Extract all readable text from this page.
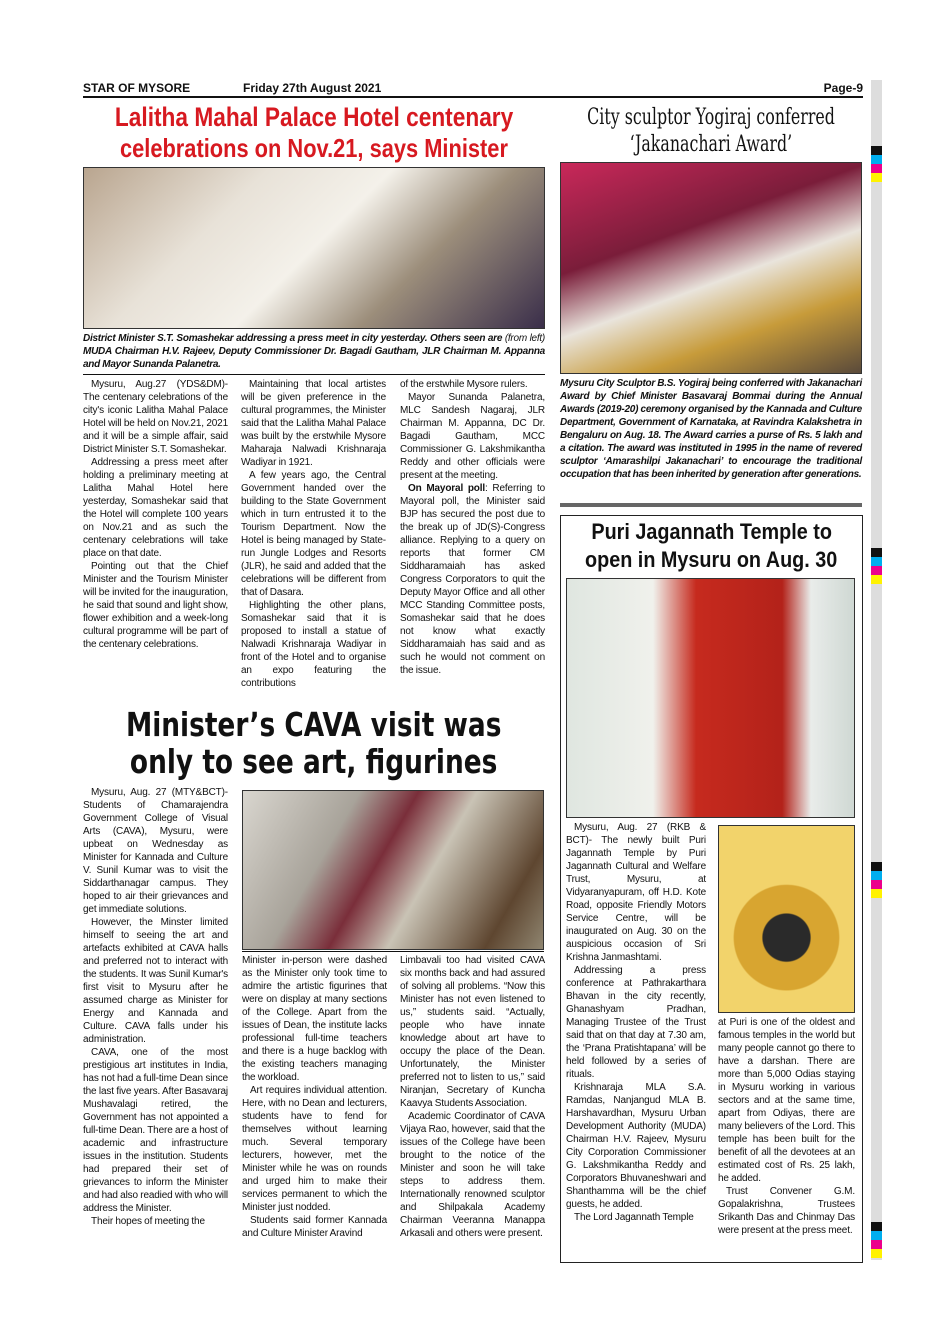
STAR OF MYSORE	Friday 27th August 2021	Page-9
Lalitha Mahal Palace Hotel centenary
celebrations on Nov.21, says Minister
District Minister S.T. Somashekar addressing a press meet in city yesterday. Others seen are (from left) MUDA Chairman H.V. Rajeev, Deputy Commissioner Dr. Bagadi Gautham, JLR Chairman M. Appanna and Mayor Sunanda Palanetra.

Mysuru, Aug.27 (YDS&DM)- The centenary celebrations of the city's iconic Lalitha Mahal Palace Hotel will be held on Nov.21, 2021 and it will be a simple affair, said District Minister S.T. Somashekar.

Addressing a press meet after holding a preliminary meeting at Lalitha Mahal Hotel here yesterday, Somashekar said that the Hotel will complete 100 years on Nov.21 and as such the centenary celebrations will take place on that date.

Pointing out that the Chief Minister and the Tourism Minister will be invited for the inauguration, he said that sound and light show, flower exhibition and a week-long cultural programme will be part of the centenary celebrations.

Maintaining that local artistes will be given preference in the cultural programmes, the Minister said that the Lalitha Mahal Palace was built by the erstwhile Mysore Maharaja Nalwadi Krishnaraja Wadiyar in 1921.

A few years ago, the Central Government handed over the building to the State Government which in turn entrusted it to the Tourism Department. Now the Hotel is being managed by State-run Jungle Lodges and Resorts (JLR), he said and added that the celebrations will be different from that of Dasara.

Highlighting the other plans, Somashekar said that it is proposed to install a statue of Nalwadi Krishnaraja Wadiyar in front of the Hotel and to organise an expo featuring the contributions

of the erstwhile Mysore rulers.

Mayor Sunanda Palanetra, MLC Sandesh Nagaraj, JLR Chairman M. Appanna, DC Dr. Bagadi Gautham, MCC Commissioner G. Lakshmikantha Reddy and other officials were present at the meeting.

On Mayoral poll: Referring to Mayoral poll, the Minister said BJP has secured the post due to the break up of JD(S)-Congress alliance. Replying to a query on reports that former CM Siddharamaiah has asked Congress Corporators to quit the Deputy Mayor Office and all other MCC Standing Committee posts, Somashekar said that he does not know what exactly Siddharamaiah has said and as such he would not comment on the issue.

City sculptor Yogiraj conferred
‘Jakanachari Award’
Mysuru City Sculptor B.S. Yogiraj being conferred with Jakanachari Award by Chief Minister Basavaraj Bommai during the Annual Awards (2019-20) ceremony organised by the Kannada and Culture Department, Government of Karnataka, at Ravindra Kalakshetra in Bengaluru on Aug. 18. The Award carries a purse of Rs. 5 lakh and a citation. The award was instituted in 1995 in the name of revered sculptor ‘Amarashilpi Jakanachari’ to encourage the traditional occupation that has been inherited by generation after generations.
Puri Jagannath Temple to
open in Mysuru on Aug. 30

Mysuru, Aug. 27 (RKB & BCT)- The newly built Puri Jagannath Temple by Puri Jagannath Cultural and Welfare Trust, Mysuru, at Vidyaranyapuram, off H.D. Kote Road, opposite Friendly Motors Service Centre, will be inaugurated on Aug. 30 on the auspicious occasion of Sri Krishna Janmashtami.

Addressing a press conference at Pathrakarthara Bhavan in the city recently, Ghanashyam Pradhan, Managing Trustee of the Trust said that on that day at 7.30 am, the ‘Prana Pratishtapana’ will be held followed by a series of rituals.

Krishnaraja MLA S.A. Ramdas, Nanjangud MLA B. Harshavardhan, Mysuru Urban Development Authority (MUDA) Chairman H.V. Rajeev, Mysuru City Corporation Commissioner G. Lakshmikantha Reddy and Corporators Bhuvaneshwari and Shanthamma will be the chief guests, he added.

The Lord Jagannath Temple

at Puri is one of the oldest and famous temples in the world but many people cannot go there to have a darshan. There are more than 5,000 Odias staying in Mysuru working in various sectors and at the same time, apart from Odiyas, there are many believers of the Lord. This temple has been built for the benefit of all the devotees at an estimated cost of Rs. 25 lakh, he added.

Trust Convener G.M. Gopalakrishna, Trustees Srikanth Das and Chinmay Das were present at the press meet.

Minister’s CAVA visit was
only to see art, figurines

Mysuru, Aug. 27 (MTY&BCT)- Students of Chamarajendra Government College of Visual Arts (CAVA), Mysuru, were upbeat on Wednesday as Minister for Kannada and Culture V. Sunil Kumar was to visit the Siddarthanagar campus. They hoped to air their grievances and get immediate solutions.

However, the Minster limited himself to seeing the art and artefacts exhibited at CAVA halls and preferred not to interact with the students. It was Sunil Kumar's first visit to Mysuru after he assumed charge as Minister for Energy and Kannada and Culture. CAVA falls under his administration.

CAVA, one of the most prestigious art institutes in India, has not had a full-time Dean since the last five years. After Basavaraj Mushavalagi retired, the Government has not appointed a full-time Dean. There are a host of academic and infrastructure issues in the institution. Students had prepared their set of grievances to inform the Minister and had also readied with who will address the Minister.

Their hopes of meeting the

Minister in-person were dashed as the Minister only took time to admire the artistic figurines that were on display at many sections of the College. Apart from the issues of Dean, the institute lacks professional full-time teachers and there is a huge backlog with the existing teachers managing the workload.

Art requires individual attention. Here, with no Dean and lecturers, students have to fend for themselves without learning much. Several temporary lecturers, however, met the Minister while he was on rounds and urged him to make their services permanent to which the Minister just nodded.

Students said former Kannada and Culture Minister Aravind

Limbavali too had visited CAVA six months back and had assured of solving all problems. “Now this Minister has not even listened to us,” students said. “Actually, people who have innate knowledge about art have to occupy the place of the Dean. Unfortunately, the Minister preferred not to listen to us,” said Niranjan, Secretary of Kuncha Kaavya Students Association.

Academic Coordinator of CAVA Vijaya Rao, however, said that the issues of the College have been brought to the notice of the Minister and soon he will take steps to address them. Internationally renowned sculptor and Shilpakala Academy Chairman Veeranna Manappa Arkasali and others were present.
